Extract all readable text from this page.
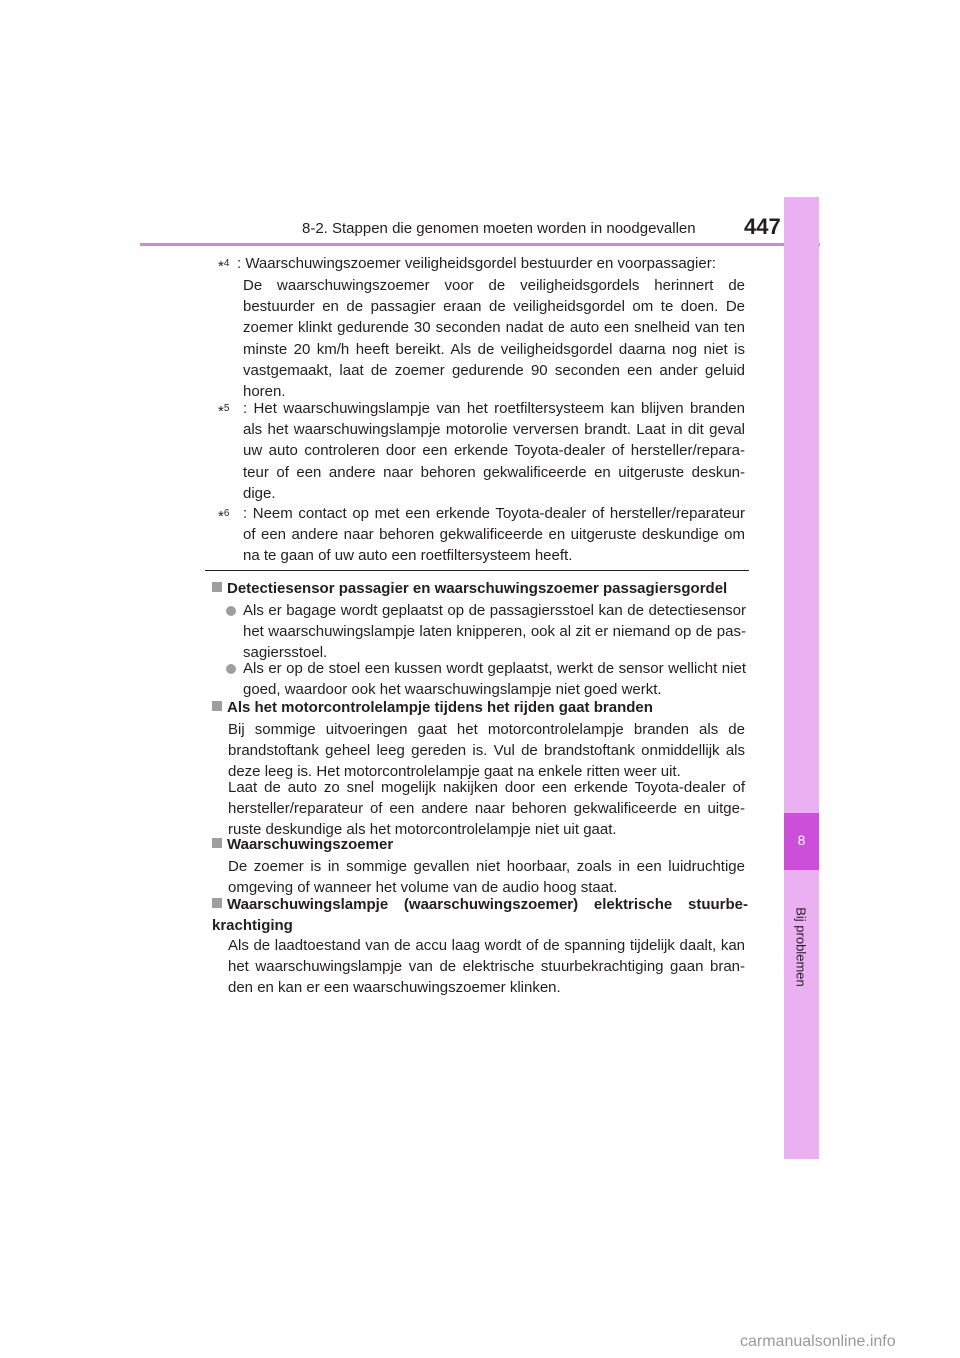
8-2. Stappen die genomen moeten worden in noodgevallen 447
8
Bij problemen
*$^4$ : Waarschuwingszoemer veiligheidsgordel bestuurder en voorpassagier:
De waarschuwingszoemer voor de veiligheidsgordels herinnert de bestuurder en de passagier eraan de veiligheidsgordel om te doen. De zoemer klinkt gedurende 30 seconden nadat de auto een snelheid van ten minste 20 km/h heeft bereikt. Als de veiligheidsgordel daarna nog niet is vastgemaakt, laat de zoemer gedurende 90 seconden een ander geluid horen.
*$^5$ : Het waarschuwingslampje van het roetfiltersysteem kan blijven branden als het waarschuwingslampje motorolie verversen brandt. Laat in dit geval uw auto controleren door een erkende Toyota-dealer of hersteller/repara-teur of een andere naar behoren gekwalificeerde en uitgeruste deskun-dige.
*$^6$ : Neem contact op met een erkende Toyota-dealer of hersteller/reparateur of een andere naar behoren gekwalificeerde en uitgeruste deskundige om na te gaan of uw auto een roetfiltersysteem heeft.
Detectiesensor passagier en waarschuwingszoemer passagiersgordel
Als er bagage wordt geplaatst op de passagiersstoel kan de detectiesensor het waarschuwingslampje laten knipperen, ook al zit er niemand op de pas-sagiersstoel.
Als er op de stoel een kussen wordt geplaatst, werkt de sensor wellicht niet goed, waardoor ook het waarschuwingslampje niet goed werkt.
Als het motorcontrolelampje tijdens het rijden gaat branden
Bij sommige uitvoeringen gaat het motorcontrolelampje branden als de brandstoftank geheel leeg gereden is. Vul de brandstoftank onmiddellijk als deze leeg is. Het motorcontrolelampje gaat na enkele ritten weer uit.
Laat de auto zo snel mogelijk nakijken door een erkende Toyota-dealer of hersteller/reparateur of een andere naar behoren gekwalificeerde en uitge-ruste deskundige als het motorcontrolelampje niet uit gaat.
Waarschuwingszoemer
De zoemer is in sommige gevallen niet hoorbaar, zoals in een luidruchtige omgeving of wanneer het volume van de audio hoog staat.
Waarschuwingslampje (waarschuwingszoemer) elektrische stuurbe-krachtiging
Als de laadtoestand van de accu laag wordt of de spanning tijdelijk daalt, kan het waarschuwingslampje van de elektrische stuurbekrachtiging gaan bran-den en kan er een waarschuwingszoemer klinken.
carmanualsonline.info
